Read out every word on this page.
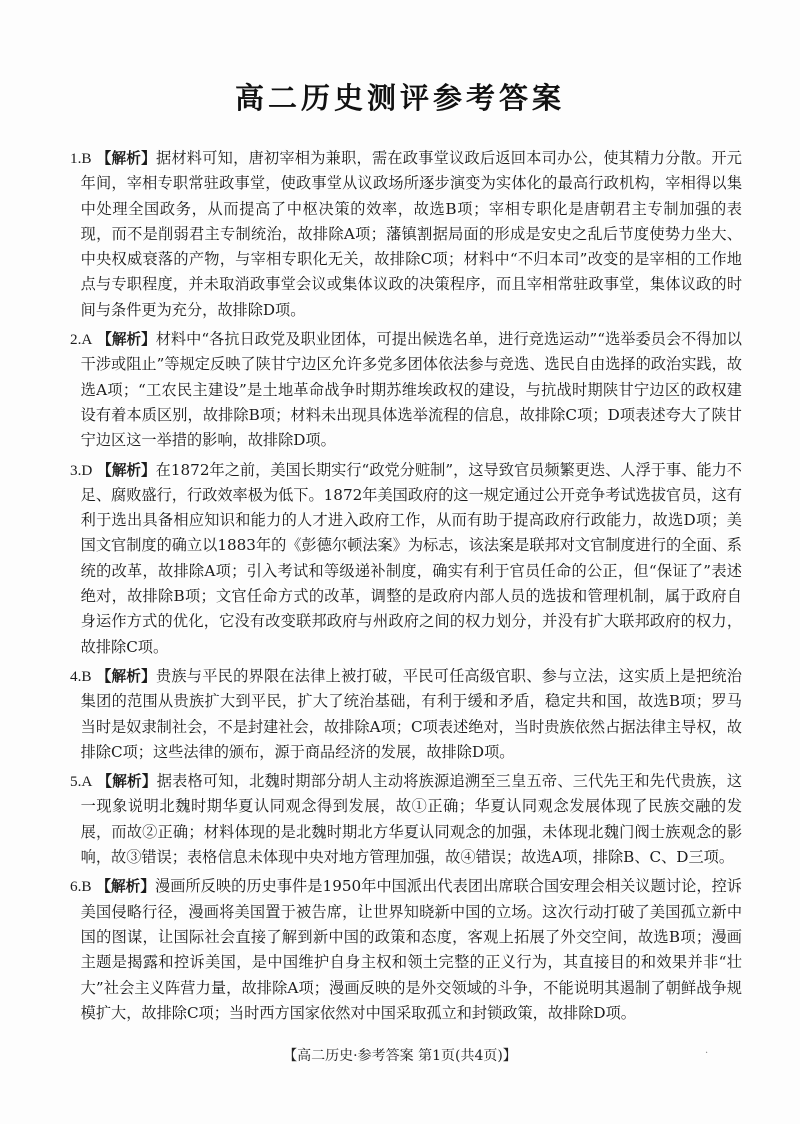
高二历史测评参考答案

1.B 【解析】据材料可知，唐初宰相为兼职，需在政事堂议政后返回本司办公，使其精力分散。开元年间，宰相专职常驻政事堂，使政事堂从议政场所逐步演变为实体化的最高行政机构，宰相得以集中处理全国政务，从而提高了中枢决策的效率，故选B项；宰相专职化是唐朝君主专制加强的表现，而不是削弱君主专制统治，故排除A项；藩镇割据局面的形成是安史之乱后节度使势力坐大、中央权威衰落的产物，与宰相专职化无关，故排除C项；材料中“不归本司”改变的是宰相的工作地点与专职程度，并未取消政事堂会议或集体议政的决策程序，而且宰相常驻政事堂，集体议政的时间与条件更为充分，故排除D项。

2.A 【解析】材料中“各抗日政党及职业团体，可提出候选名单，进行竞选运动”“选举委员会不得加以干涉或阻止”等规定反映了陕甘宁边区允许多党多团体依法参与竞选、选民自由选择的政治实践，故选A项；“工农民主建设”是土地革命战争时期苏维埃政权的建设，与抗战时期陕甘宁边区的政权建设有着本质区别，故排除B项；材料未出现具体选举流程的信息，故排除C项；D项表述夸大了陕甘宁边区这一举措的影响，故排除D项。

3.D 【解析】在1872年之前，美国长期实行“政党分赃制”，这导致官员频繁更迭、人浮于事、能力不足、腐败盛行，行政效率极为低下。1872年美国政府的这一规定通过公开竞争考试选拔官员，这有利于选出具备相应知识和能力的人才进入政府工作，从而有助于提高政府行政能力，故选D项；美国文官制度的确立以1883年的《彭德尔顿法案》为标志，该法案是联邦对文官制度进行的全面、系统的改革，故排除A项；引入考试和等级递补制度，确实有利于官员任命的公正，但“保证了”表述绝对，故排除B项；文官任命方式的改革，调整的是政府内部人员的选拔和管理机制，属于政府自身运作方式的优化，它没有改变联邦政府与州政府之间的权力划分，并没有扩大联邦政府的权力，故排除C项。

4.B 【解析】贵族与平民的界限在法律上被打破，平民可任高级官职、参与立法，这实质上是把统治集团的范围从贵族扩大到平民，扩大了统治基础，有利于缓和矛盾，稳定共和国，故选B项；罗马当时是奴隶制社会，不是封建社会，故排除A项；C项表述绝对，当时贵族依然占据法律主导权，故排除C项；这些法律的颁布，源于商品经济的发展，故排除D项。

5.A 【解析】据表格可知，北魏时期部分胡人主动将族源追溯至三皇五帝、三代先王和先代贵族，这一现象说明北魏时期华夏认同观念得到发展，故①正确；华夏认同观念发展体现了民族交融的发展，而故②正确；材料体现的是北魏时期北方华夏认同观念的加强，未体现北魏门阀士族观念的影响，故③错误；表格信息未体现中央对地方管理加强，故④错误；故选A项，排除B、C、D三项。

6.B 【解析】漫画所反映的历史事件是1950年中国派出代表团出席联合国安理会相关议题讨论，控诉美国侵略行径，漫画将美国置于被告席，让世界知晓新中国的立场。这次行动打破了美国孤立新中国的图谋，让国际社会直接了解到新中国的政策和态度，客观上拓展了外交空间，故选B项；漫画主题是揭露和控诉美国，是中国维护自身主权和领土完整的正义行为，其直接目的和效果并非“壮大”社会主义阵营力量，故排除A项；漫画反映的是外交领域的斗争，不能说明其遏制了朝鲜战争规模扩大，故排除C项；当时西方国家依然对中国采取孤立和封锁政策，故排除D项。

【高二历史·参考答案 第1页(共4页)】	·
